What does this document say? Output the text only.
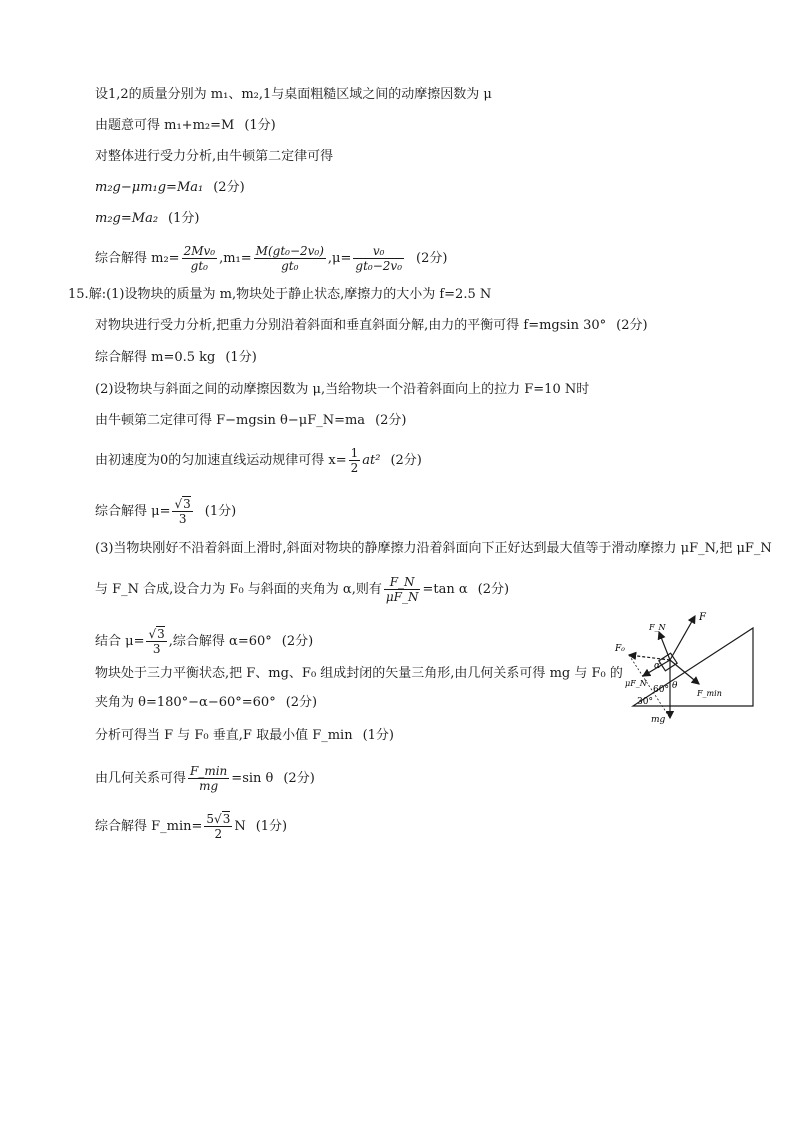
设1,2的质量分别为 m₁、m₂,1与桌面粗糙区域之间的动摩擦因数为 μ
由题意可得 m₁+m₂=M (1分)
对整体进行受力分析,由牛顿第二定律可得
m₂g−μm₁g=Ma₁ (2分)
m₂g=Ma₂ (1分)
综合解得 $m_2= \frac{\text{2Mv₀}}{\text{gt₀}} ,m_1= \frac{\text{M(gt₀−2v₀)}}{\text{gt₀}} ,\mu= \frac{\text{v₀}}{\text{gt₀−2v₀}} (2$分)
15.解:(1)设物块的质量为 m,物块处于静止状态,摩擦力的大小为 f=2.5 N
对物块进行受力分析,把重力分别沿着斜面和垂直斜面分解,由力的平衡可得 f=mgsin 30° (2分)
综合解得 m=0.5 kg (1分)
(2)设物块与斜面之间的动摩擦因数为 μ,当给物块一个沿着斜面向上的拉力 F=10 N时
由牛顿第二定律可得 F−mgsin θ−μF_N=ma (2分)
由初速度为0的匀加速直线运动规律可得 $x= \frac{1}{2} at^2$ (2分)
综合解得 $\mu= \frac{√3}{3} (1$分)
(3)当物块刚好不沿着斜面上滑时,斜面对物块的静摩擦力沿着斜面向下正好达到最大值等于滑动摩擦力 μF_N,把 μF_N
与 F_N 合成,设合力为 F₀ 与斜面的夹角为 α,则有 $\frac{F\_N}{\mu F\_N} =\tan$ α (2分)
结合 $\mu= \frac{√3}{3}$ ,综合解得 α=60° (2分)
物块处于三力平衡状态,把 F、mg、F₀ 组成封闭的矢量三角形,由几何关系可得 mg 与 F₀ 的
夹角为 θ=180°−α−60°=60° (2分)
分析可得当 F 与 F₀ 垂直,F 取最小值 F_min (1分)
由几何关系可得 $\frac{F\_\min}{mg} =\sin$ θ (2分)
综合解得 F_min= $\frac{5√3}{2}$ N (1分)
F
F_N
F₀
α
μF_N
60° θ
30°
F_min
mg
